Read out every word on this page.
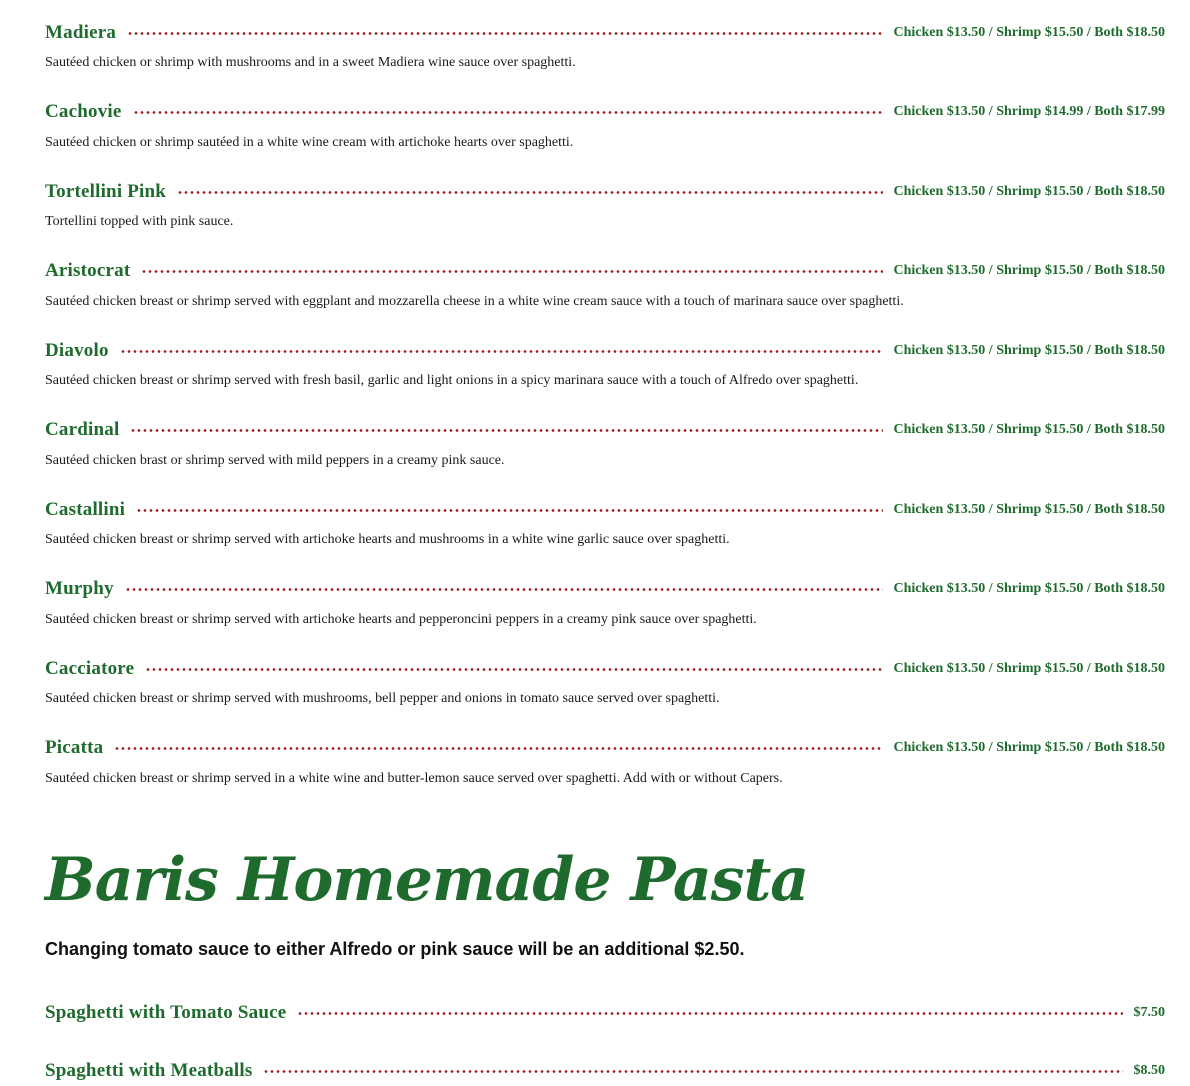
Madiera	Chicken $13.50 / Shrimp $15.50 / Both $18.50
Sautéed chicken or shrimp with mushrooms and in a sweet Madiera wine sauce over spaghetti.
Cachovie	Chicken $13.50 / Shrimp $14.99 / Both $17.99
Sautéed chicken or shrimp sautéed in a white wine cream with artichoke hearts over spaghetti.
Tortellini Pink	Chicken $13.50 / Shrimp $15.50 / Both $18.50
Tortellini topped with pink sauce.
Aristocrat	Chicken $13.50 / Shrimp $15.50 / Both $18.50
Sautéed chicken breast or shrimp served with eggplant and mozzarella cheese in a white wine cream sauce with a touch of marinara sauce over spaghetti.
Diavolo	Chicken $13.50 / Shrimp $15.50 / Both $18.50
Sautéed chicken breast or shrimp served with fresh basil, garlic and light onions in a spicy marinara sauce with a touch of Alfredo over spaghetti.
Cardinal	Chicken $13.50 / Shrimp $15.50 / Both $18.50
Sautéed chicken brast or shrimp served with mild peppers in a creamy pink sauce.
Castallini	Chicken $13.50 / Shrimp $15.50 / Both $18.50
Sautéed chicken breast or shrimp served with artichoke hearts and mushrooms in a white wine garlic sauce over spaghetti.
Murphy	Chicken $13.50 / Shrimp $15.50 / Both $18.50
Sautéed chicken breast or shrimp served with artichoke hearts and pepperoncini peppers in a creamy pink sauce over spaghetti.
Cacciatore	Chicken $13.50 / Shrimp $15.50 / Both $18.50
Sautéed chicken breast or shrimp served with mushrooms, bell pepper and onions in tomato sauce served over spaghetti.
Picatta	Chicken $13.50 / Shrimp $15.50 / Both $18.50
Sautéed chicken breast or shrimp served in a white wine and butter-lemon sauce served over spaghetti. Add with or without Capers.
Baris Homemade Pasta
Changing tomato sauce to either Alfredo or pink sauce will be an additional $2.50.
Spaghetti with Tomato Sauce	$7.50
Spaghetti with Meatballs	$8.50
